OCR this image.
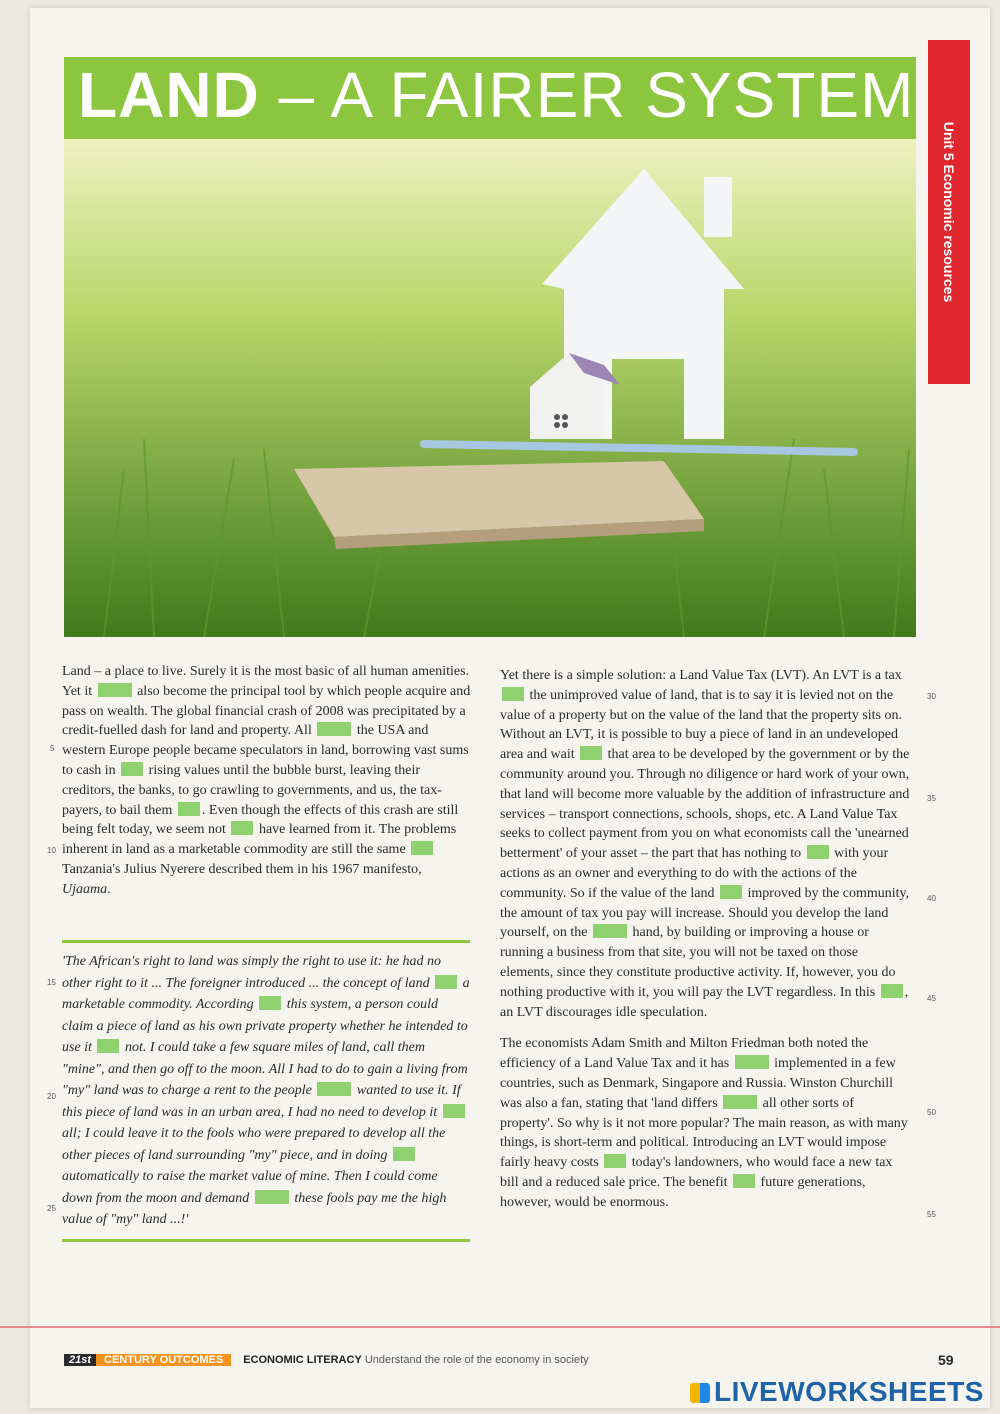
LAND – A FAIRER SYSTEM
Unit 5 Economic resources

Land – a place to live. Surely it is the most basic of all human amenities. Yet it	also become the principal tool by which people acquire and pass on wealth. The global financial crash of 2008 was precipitated by a credit-fuelled dash for land and property. All	the USA and western Europe people became speculators in land, borrowing vast sums to cash in  rising values until the bubble burst, leaving their creditors, the banks, to go crawling to governments, and us, the tax-payers, to bail them . Even though the effects of this crash are still being felt today, we seem not  have learned from it. The problems inherent in land as a marketable commodity are still the same  Tanzania's Julius Nyerere described them in his 1967 manifesto, Ujaama.

'The African's right to land was simply the right to use it: he had no other right to it ... The foreigner introduced ... the concept of land  a marketable commodity. According  this system, a person could claim a piece of land as his own private property whether he intended to use it  not. I could take a few square miles of land, call them "mine", and then go off to the moon. All I had to do to gain a living from "my" land was to charge a rent to the people	wanted to use it. If this piece of land was in an urban area, I had no need to develop it  all; I could leave it to the fools who were prepared to develop all the other pieces of land surrounding "my" piece, and in doing  automatically to raise the market value of mine. Then I could come down from the moon and demand	these fools pay me the high value of "my" land ...!'

Yet there is a simple solution: a Land Value Tax (LVT). An LVT is a tax  the unimproved value of land, that is to say it is levied not on the value of a property but on the value of the land that the property sits on. Without an LVT, it is possible to buy a piece of land in an undeveloped area and wait  that area to be developed by the government or by the community around you. Through no diligence or hard work of your own, that land will become more valuable by the addition of infrastructure and services – transport connections, schools, shops, etc. A Land Value Tax seeks to collect payment from you on what economists call the 'unearned betterment' of your asset – the part that has nothing to  with your actions as an owner and everything to do with the actions of the community. So if the value of the land  improved by the community, the amount of tax you pay will increase. Should you develop the land yourself, on the	hand, by building or improving a house or running a business from that site, you will not be taxed on those elements, since they constitute productive activity. If, however, you do nothing productive with it, you will pay the LVT regardless. In this , an LVT discourages idle speculation.

The economists Adam Smith and Milton Friedman both noted the efficiency of a Land Value Tax and it has	implemented in a few countries, such as Denmark, Singapore and Russia. Winston Churchill was also a fan, stating that 'land differs	all other sorts of property'. So why is it not more popular? The main reason, as with many things, is short-term and political. Introducing an LVT would impose fairly heavy costs  today's landowners, who would face a new tax bill and a reduced sale price. The benefit  future generations, however, would be enormous.

5
10
15
20
25
30
35
40
45
50
55
21st CENTURY OUTCOMES ECONOMIC LITERACY Understand the role of the economy in society	59
LIVEWORKSHEETS
